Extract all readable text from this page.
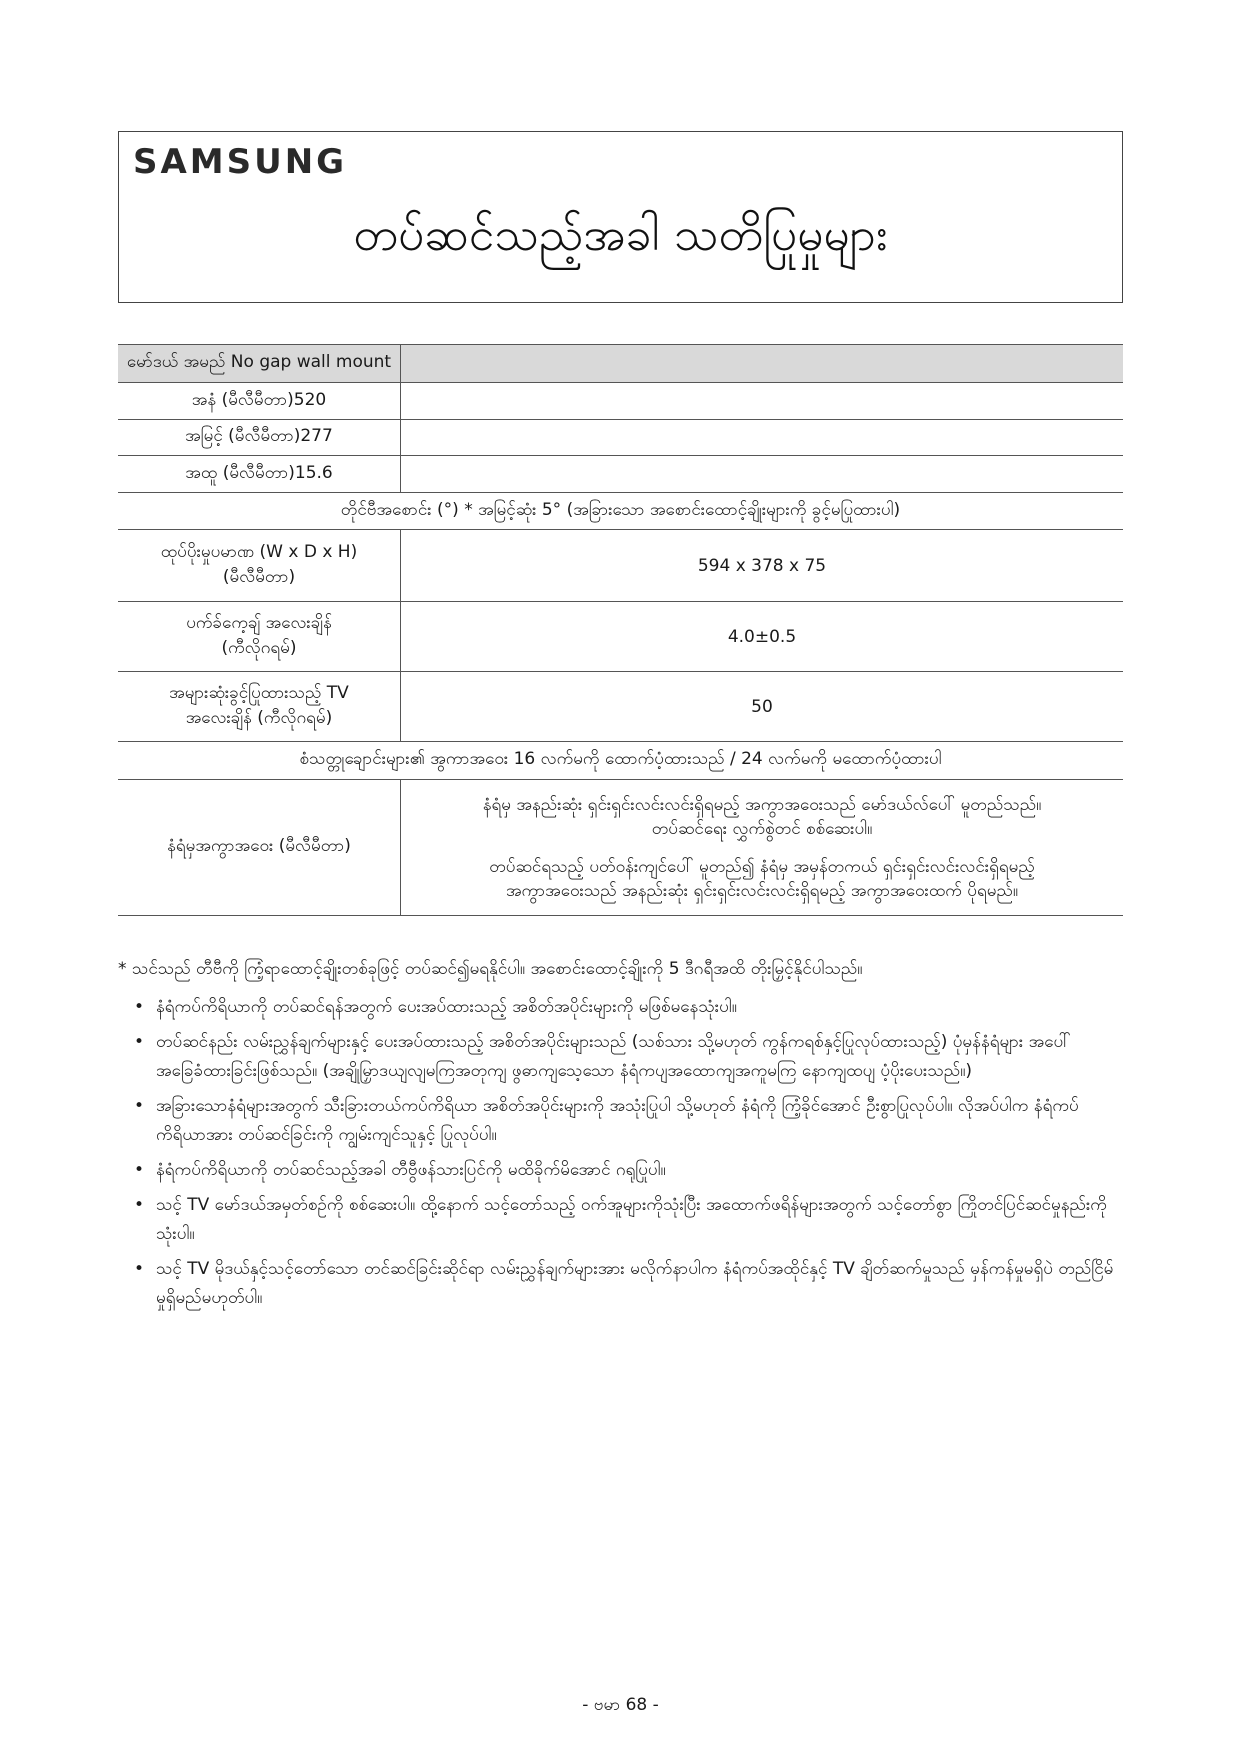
SAMSUNG
တပ်ဆင်သည့်အခါ သတိပြုမှုများ
မော်ဒယ် အမည် No gap wall mount	
အနံ (မီလီမီတာ)520	
အမြင့် (မီလီမီတာ)277	
အထူ (မီလီမီတာ)15.6	
တိုင်ဗီအစောင်း (°) * အမြင့်ဆုံး 5° (အခြားသော အစောင်းထောင့်ချိုးများကို ခွင့်မပြုထားပါ)	

ထုပ်ပိုးမှုပမာဏ (W x D x H)
(မီလီမီတာ)	594 x 378 x 75

ပက်ခ်ကေ့ချ် အလေးချိန်
(ကီလိုဂရမ်)	4.0±0.5

အများဆုံးခွင့်ပြုထားသည့် TV
အလေးချိန် (ကီလိုဂရမ်)	50
စံသတ္တုချောင်းများ၏ အွကာအဝေး 16 လက်မကို ထောက်ပံ့ထားသည် / 24 လက်မကို မထောက်ပံ့ထားပါ	
နံရံမှအကွာအဝေး (မီလီမီတာ)	နံရံမှ အနည်းဆုံး ရှင်းရှင်းလင်းလင်းရှိရမည့် အကွာအဝေးသည် မော်ဒယ်လ်ပေါ် မူတည်သည်။
တပ်ဆင်ရေး လွှက်စွဲတင် စစ်ဆေးပါ။

တပ်ဆင်ရသည့် ပတ်ဝန်းကျင်ပေါ် မူတည်၍ နံရံမှ အမှန်တကယ် ရှင်းရှင်းလင်းလင်းရှိရမည့်
အကွာအဝေးသည် အနည်းဆုံး ရှင်းရှင်းလင်းလင်းရှိရမည့် အကွာအဝေးထက် ပိုရမည်။

* သင်သည် တီဗီကို ကြံ့ရာထောင့်ချိုးတစ်ခုဖြင့် တပ်ဆင်၍မရနိုင်ပါ။ အစောင်းထောင့်ချိုးကို 5 ဒီဂရီအထိ တိုးမြှင့်နိုင်ပါသည်။

• နံရံကပ်ကိရိယာကို တပ်ဆင်ရန်အတွက် ပေးအပ်ထားသည့် အစိတ်အပိုင်းများကို မဖြစ်မနေသုံးပါ။
• တပ်ဆင်နည်း လမ်းညွှန်ချက်များနှင့် ပေးအပ်ထားသည့် အစိတ်အပိုင်းများသည် (သစ်သား သို့မဟုတ် ကွန်ကရစ်နှင့်ပြုလုပ်ထားသည့်) ပုံမှန်နံရံများ အပေါ် အခြေခံထားခြင်းဖြစ်သည်။ (အချိုမြှာဒယျလျမကြအတုကျ ဖွဓာကျသေ့သော နံရံကပျအထောကျအကူမကြ နောကျထပျ ပံ့ပိုးပေးသည်။)
• အခြားသောနံရံများအတွက် သီးခြားတယ်ကပ်ကိရိယာ အစိတ်အပိုင်းများကို အသုံးပြုပါ သို့မဟုတ် နံရံကို ကြံ့ခိုင်အောင် ဦးစွာပြုလုပ်ပါ။ လိုအပ်ပါက နံရံကပ် ကိရိယာအား တပ်ဆင်ခြင်းကို ကျွမ်းကျင်သူနှင့် ပြုလုပ်ပါ။
• နံရံကပ်ကိရိယာကို တပ်ဆင်သည့်အခါ တီဗွီဖန်သားပြင်ကို မထိခိုက်မိအောင် ဂရုပြုပါ။
• သင့် TV မော်ဒယ်အမှတ်စဉ်ကို စစ်ဆေးပါ။ ထို့နောက် သင့်တော်သည့် ဝက်အူများကိုသုံးပြီး အထောက်ဖရိန်များအတွက် သင့်တော်စွာ ကြိုတင်ပြင်ဆင်မှုနည်းကိုသုံးပါ။
• သင့် TV မိုဒယ်နှင့်သင့်တော်သော တင်ဆင်ခြင်းဆိုင်ရာ လမ်းညွှန်ချက်များအား မလိုက်နာပါက နံရံကပ်အထိုင်နှင့် TV ချိတ်ဆက်မှုသည် မှန်ကန်မှုမရှိပဲ တည်ငြိမ်မှုရှိမည်မဟုတ်ပါ။
- ဗမာ 68 -
